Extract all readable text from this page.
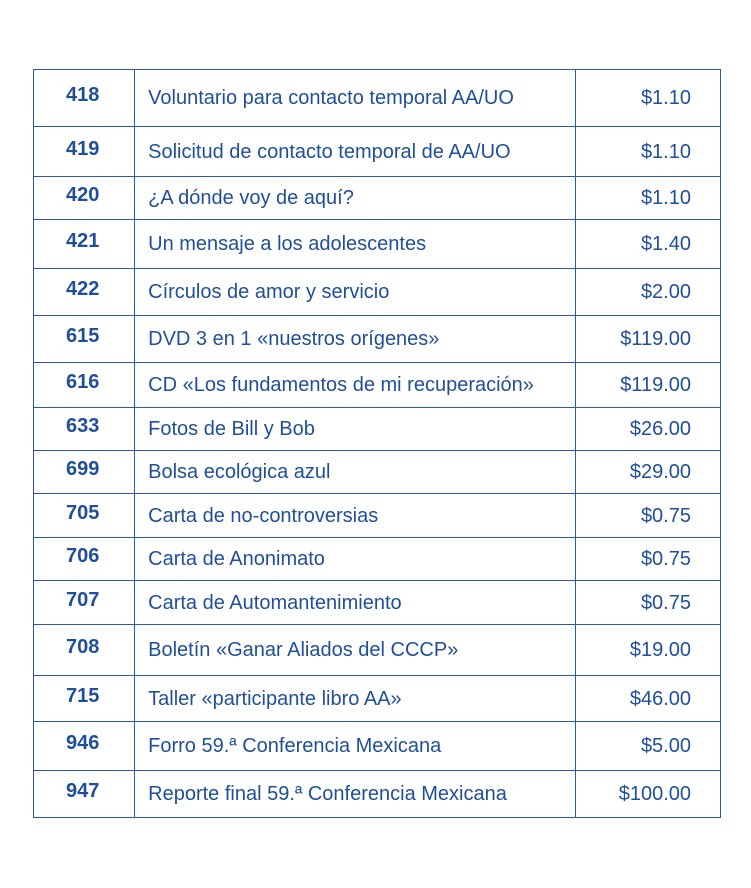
418	Voluntario para contacto temporal AA/UO	$1.10
419	Solicitud de contacto temporal de AA/UO	$1.10
420	¿A dónde voy de aquí?	$1.10
421	Un mensaje a los adolescentes	$1.40
422	Círculos de amor y servicio	$2.00
615	DVD 3 en 1 «nuestros orígenes»	$119.00
616	CD «Los fundamentos de mi recuperación»	$119.00
633	Fotos de Bill y Bob	$26.00
699	Bolsa ecológica azul	$29.00
705	Carta de no-controversias	$0.75
706	Carta de Anonimato	$0.75
707	Carta de Automantenimiento	$0.75
708	Boletín «Ganar Aliados del CCCP»	$19.00
715	Taller «participante libro AA»	$46.00
946	Forro 59.ª Conferencia Mexicana	$5.00
947	Reporte final 59.ª Conferencia Mexicana	$100.00
